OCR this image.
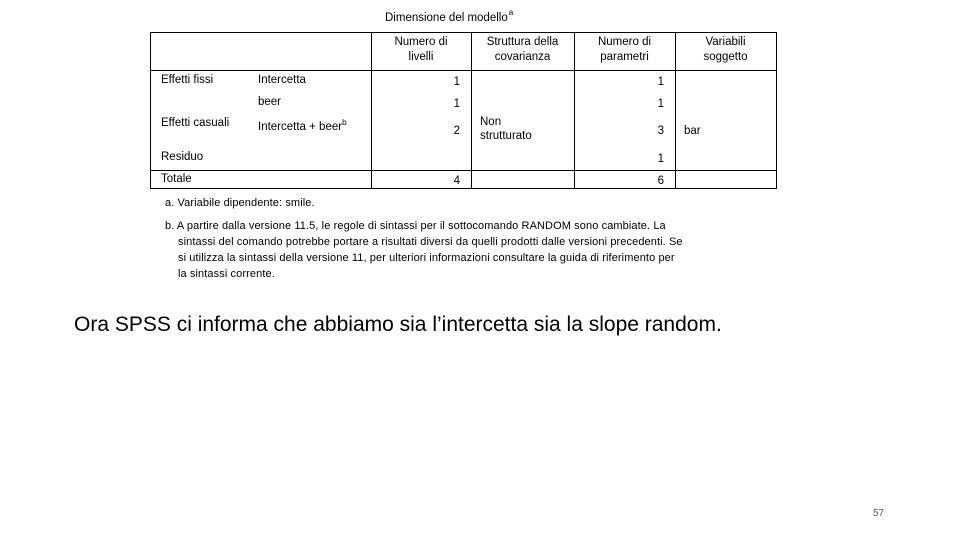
Dimensione del modello$^a$
Numero di
livelli
Struttura della
covarianza
Numero di
parametri
Variabili
soggetto
Effetti fissi	Intercetta
beer
Effetti casuali	Intercetta + beer$^b$
Residuo
Totale
1
1
2
4
Non
strutturato
1
1
3
1
6
bar
a. Variabile dipendente: smile.
b. A partire dalla versione 11.5, le regole di sintassi per il sottocomando RANDOM sono cambiate. La
sintassi del comando potrebbe portare a risultati diversi da quelli prodotti dalle versioni precedenti. Se
si utilizza la sintassi della versione 11, per ulteriori informazioni consultare la guida di riferimento per
la sintassi corrente.
Ora SPSS ci informa che abbiamo sia l’intercetta sia la slope random.
57
